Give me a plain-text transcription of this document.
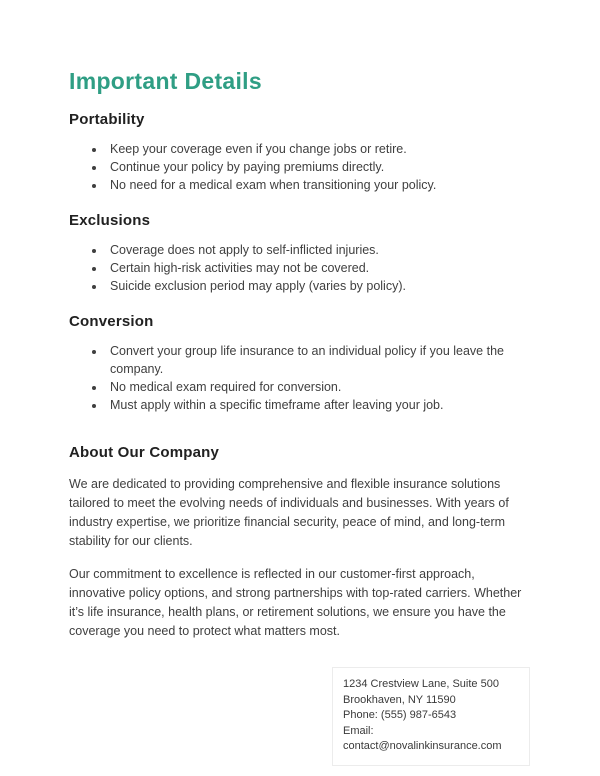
Important Details
Portability
• Keep your coverage even if you change jobs or retire.
• Continue your policy by paying premiums directly.
• No need for a medical exam when transitioning your policy.
Exclusions
• Coverage does not apply to self-inflicted injuries.
• Certain high-risk activities may not be covered.
• Suicide exclusion period may apply (varies by policy).
Conversion
• Convert your group life insurance to an individual policy if you leave the company.
• No medical exam required for conversion.
• Must apply within a specific timeframe after leaving your job.
About Our Company

We are dedicated to providing comprehensive and flexible insurance solutions tailored to meet the evolving needs of individuals and businesses. With years of industry expertise, we prioritize financial security, peace of mind, and long-term stability for our clients.

Our commitment to excellence is reflected in our customer-first approach, innovative policy options, and strong partnerships with top-rated carriers. Whether it’s life insurance, health plans, or retirement solutions, we ensure you have the coverage you need to protect what matters most.

1234 Crestview Lane, Suite 500
Brookhaven, NY 11590
Phone: (555) 987-6543
Email:
contact@novalinkinsurance.com
